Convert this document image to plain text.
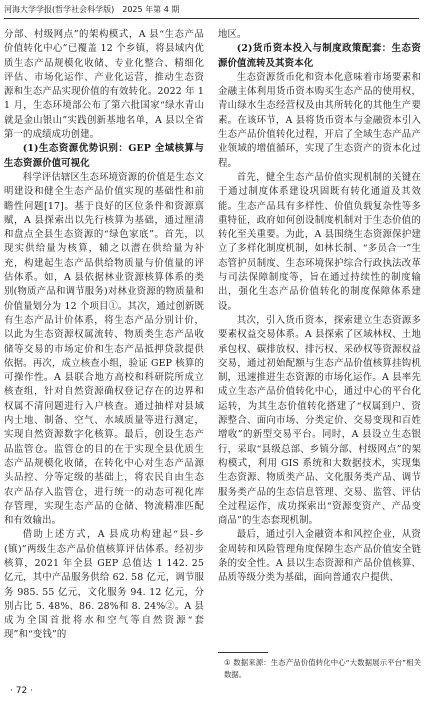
河海大学学报(哲学社会科学版) 2025 年第 4 期

分部、村级网点”的架构模式，A 县“生态产品价值转化中心”已覆盖 12 个乡镇，将县域内优质生态产品规模化收储、专业化整合、精细化评估、市场化运作、产业化运营，推动生态资源和生态产品实现价值的有效转化。2022 年 11 月，生态环境部公布了第六批国家“绿水青山就是金山银山”实践创新基地名单，A 县以全省第一的成绩成功创建。

(1)生态资源优势识别：GEP 全域核算与生态资源价值可视化

科学评估辖区生态环境资源的价值是生态文明建设和健全生态产品价值实现的基础性和前瞻性问题[17]。基于良好的区位条件和资源禀赋，A 县探索出以先行核算为基础，通过厘清和盘点全县生态资源的“绿色家底”。首先，以现实供给量为核算，辅之以潜在供给量为补充，构建起生态产品供给物质量与价值量的评估体系。如，A 县依据林业资源核算体系的类别(物质产品和调节服务)对林业资源的物质量和价值量划分为 12 个项目①。其次，通过创新既有生态产品计价体系，将生态产品分别计价，以此为生态资源权属流转、物质类生态产品收储等交易的市场定价和生态产品抵押贷款提供依据。再次，成立核查小组，验证 GEP 核算的可操作性。A 县联合地方高校和科研院所成立核查组，针对自然资源确权登记存在的边界和权属不清问题进行入户核查。通过抽样对县域内土地、制备、空气、水域质量等进行测定，实现自然资源数字化核算。最后，创设生态产品监管仓。监管仓的目的在于实现全县优质生态产品规模化收储，在转化中心对生态产品源头品控、分等定级的基础上，将农民自由生态农产品存入监管仓，进行统一的动态可视化库存管理，实现生态产品的仓储、物流精准匹配和有效输出。

借助上述方式，A 县成功构建起“县-乡(镇)”两级生态产品价值核算评估体系。经初步核算，2021 年全县 GEP 总值达 1 142. 25 亿元，其中产品服务供给 62. 58 亿元，调节服务 985. 55 亿元，文化服务 94. 12 亿元，分别占比 5. 48%、86. 28%和 8. 24%②。A 县成为全国首批将水和空气等自然资源“套现”和“变钱”的

地区。

(2)货币资本投入与制度政策配套：生态资源价值流转及其资本化

生态资源货币化和资本化意味着市场要素和金融主体利用货币资本购买生态产品的使用权，青山绿水生态经营权及由其所转化的其他生产要素。在该环节，A 县将货币资本与金融资本引入生态产品价值转化过程，开启了全域生态产品产业领域的增值循环，实现了生态资产的资本化过程。

首先，健全生态产品价值实现机制的关键在于通过制度体系建设巩固既有转化通道及其效能。生态产品具有多样性、价值负载复杂性等多重特征，政府如何创设制度机制对于生态价值的转化至关重要。为此，A 县围绕生态资源保护建立了多样化制度机制，如林长制、“多员合一”生态管护员制度、生态环境保护综合行政执法改革与司法保障制度等，旨在通过持续性的制度输出，强化生态产品价值转化的制度保障体系建设。

其次，引入货币资本，探索建立生态资源多要素权益交易体系。A 县探索了区域林权、土地承包权、碳排放权、排污权、采砂权等资源权益交易，通过初始配额与生态产品价值核算挂钩机制，迅速推进生态资源的市场化运作。A 县率先成立生态产品价值转化中心，通过中心的平台化运转，为其生态价值转化搭建了“权属到户、资源整合、面向市场、分类定价、交易变现和百姓增收”的新型交易平台。同时，A 县设立生态银行，采取“县级总部、乡镇分部、村级网点”的架构模式，利用 GIS 系统和大数据技术，实现集生态资源、物质类产品、文化服务类产品、调节服务类产品的生态信息管理、交易、监管、评估全过程运作，成功探索出“资源变资产、产品变商品”的生态套现机制。

最后，通过引入金融资本和风控企业，从资金周转和风险管理角度保障生态产品价值安全链条的安全性。A 县以生态资源和产品价值核算、品质等级分类为基础，面向普通农户提供、

① 数据来源：生态产品价值转化中心“大数据展示平台”相关数据。
· 72 ·
